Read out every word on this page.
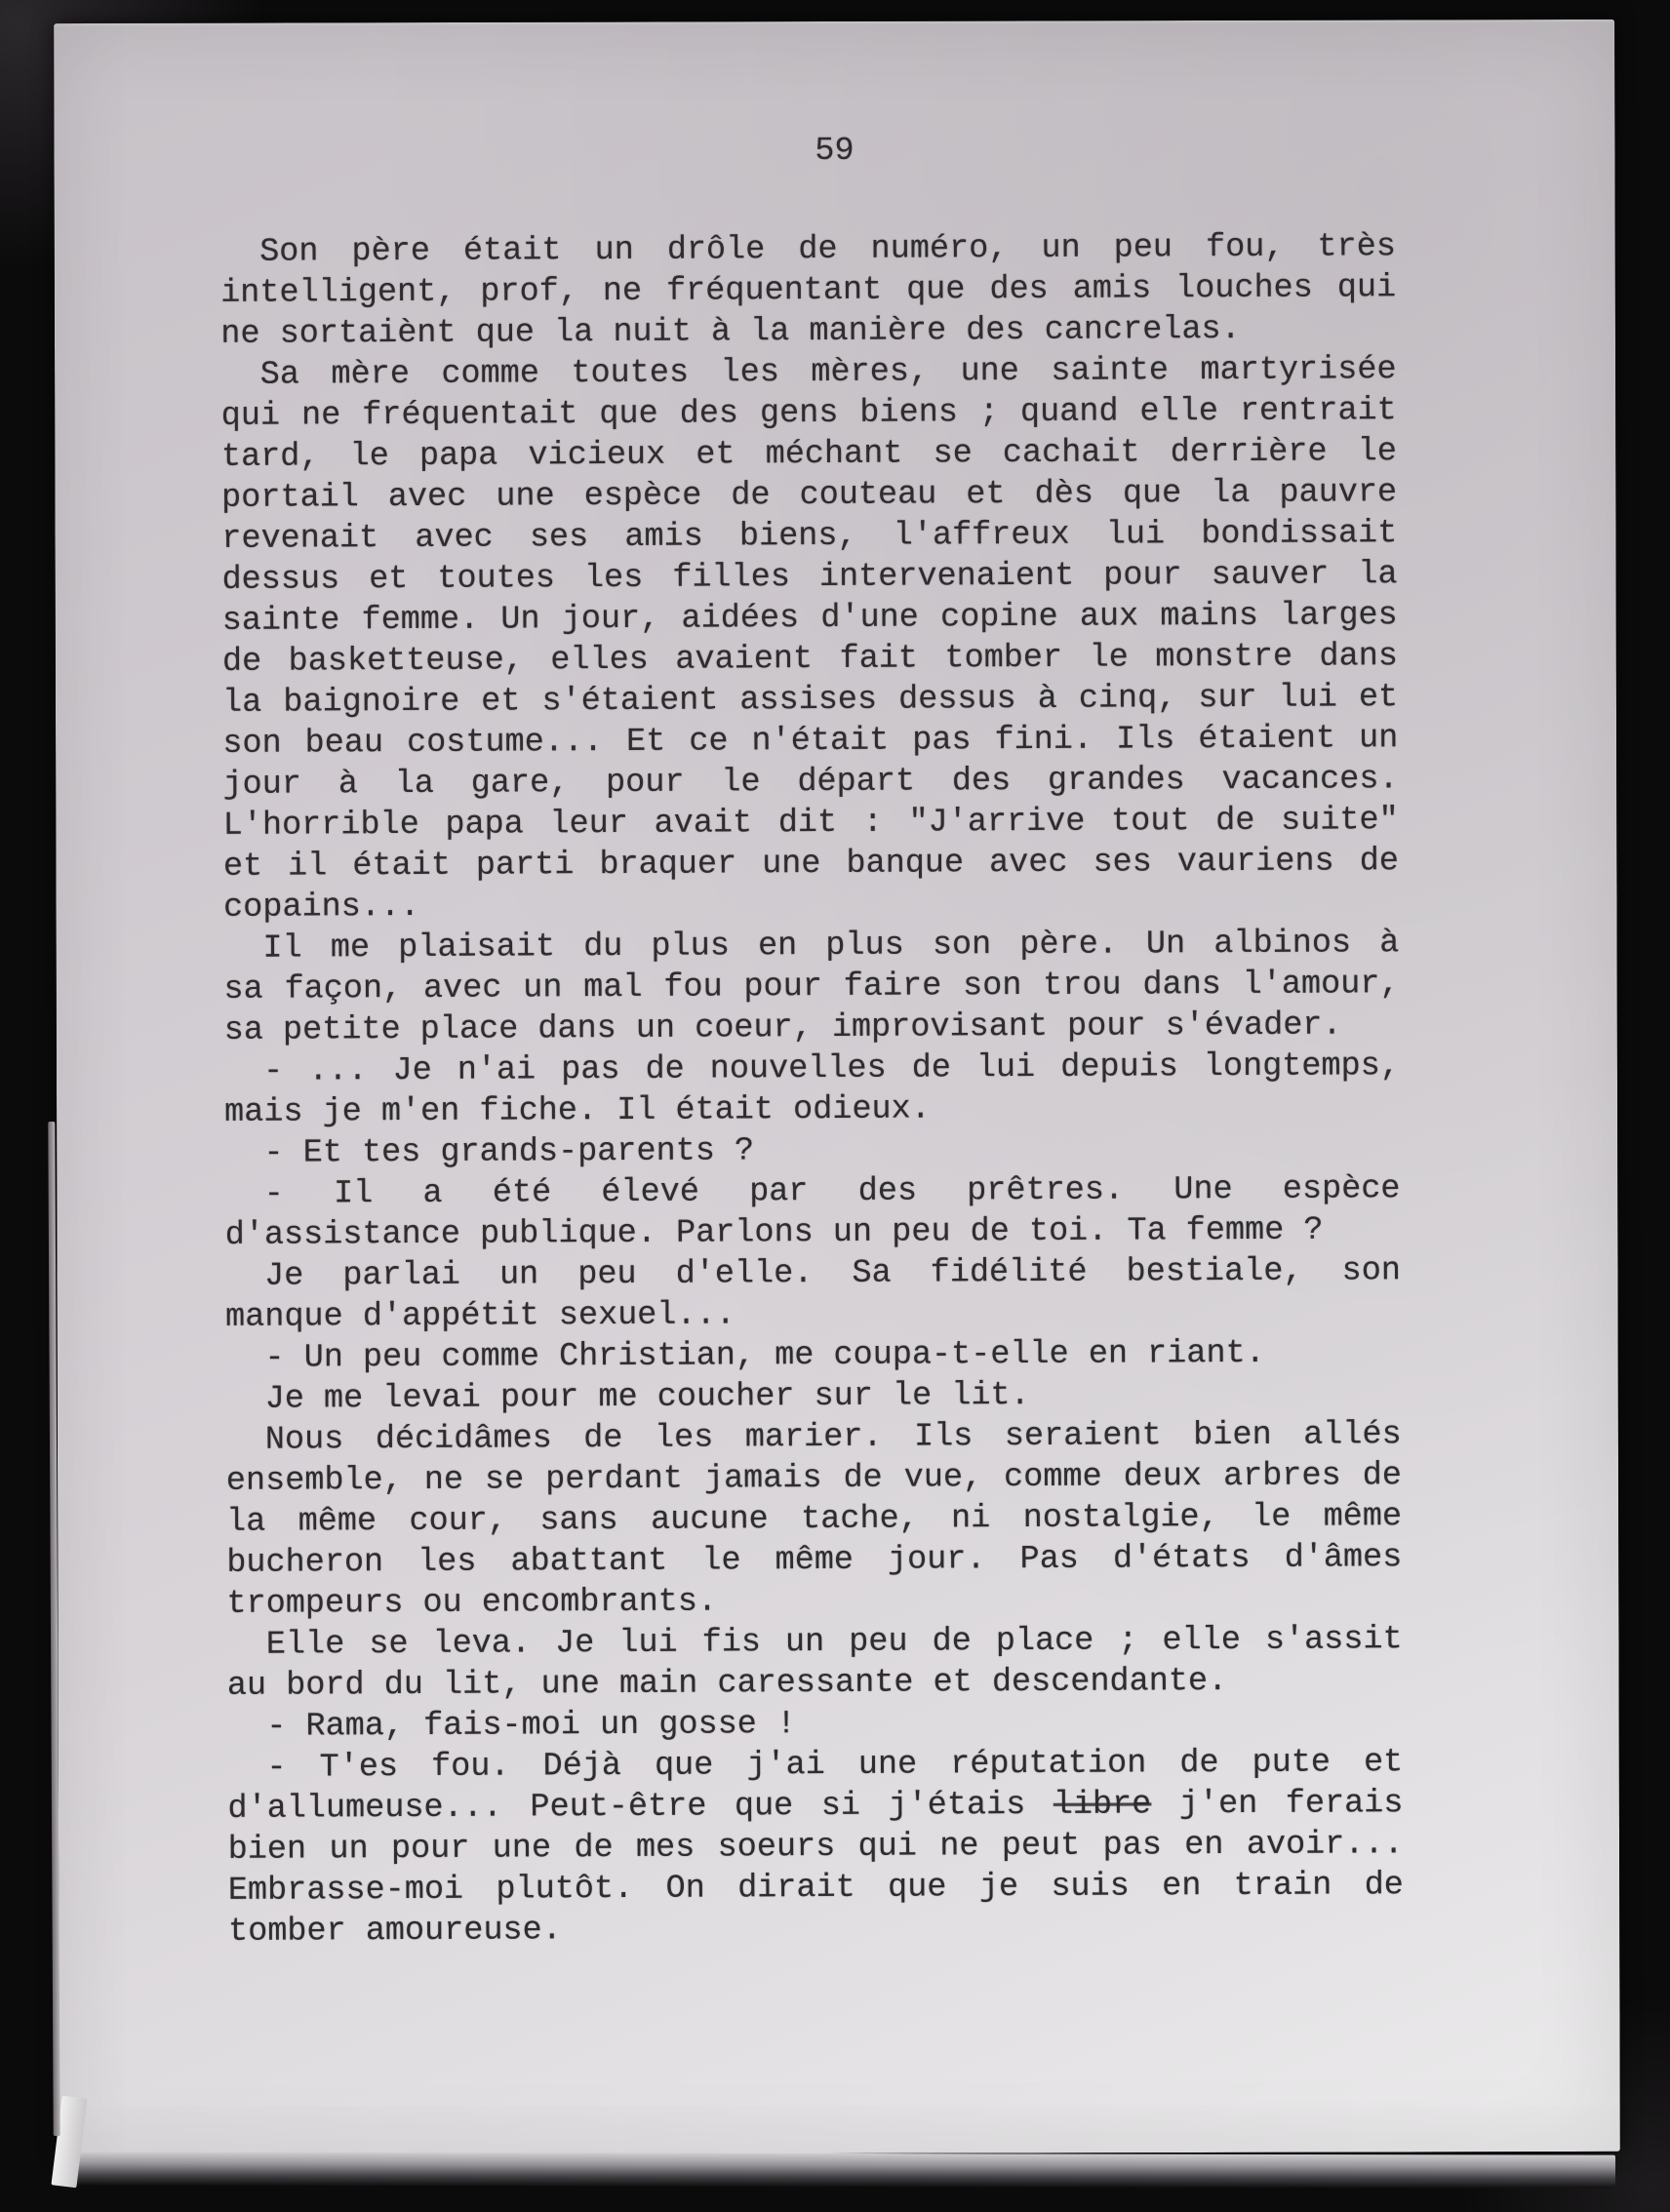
59
Son père était un drôle de numéro, un peu fou, très
intelligent, prof, ne fréquentant que des amis louches qui
ne sortaiènt que la nuit à la manière des cancrelas.
Sa mère comme toutes les mères, une sainte martyrisée
qui ne fréquentait que des gens biens ; quand elle rentrait
tard, le papa vicieux et méchant se cachait derrière le
portail avec une espèce de couteau et dès que la pauvre
revenait avec ses amis biens, l'affreux lui bondissait
dessus et toutes les filles intervenaient pour sauver la
sainte femme. Un jour, aidées d'une copine aux mains larges
de basketteuse, elles avaient fait tomber le monstre dans
la baignoire et s'étaient assises dessus à cinq, sur lui et
son beau costume... Et ce n'était pas fini. Ils étaient un
jour à la gare, pour le départ des grandes vacances.
L'horrible papa leur avait dit : "J'arrive tout de suite"
et il était parti braquer une banque avec ses vauriens de
copains...
Il me plaisait du plus en plus son père. Un albinos à
sa façon, avec un mal fou pour faire son trou dans l'amour,
sa petite place dans un coeur, improvisant pour s'évader.
- ... Je n'ai pas de nouvelles de lui depuis longtemps,
mais je m'en fiche. Il était odieux.
- Et tes grands-parents ?
- Il a été élevé par des prêtres. Une espèce
d'assistance publique. Parlons un peu de toi. Ta femme ?
Je parlai un peu d'elle. Sa fidélité bestiale, son
manque d'appétit sexuel...
- Un peu comme Christian, me coupa-t-elle en riant.
Je me levai pour me coucher sur le lit.
Nous décidâmes de les marier. Ils seraient bien allés
ensemble, ne se perdant jamais de vue, comme deux arbres de
la même cour, sans aucune tache, ni nostalgie, le même
bucheron les abattant le même jour. Pas d'états d'âmes
trompeurs ou encombrants.
Elle se leva. Je lui fis un peu de place ; elle s'assit
au bord du lit, une main caressante et descendante.
- Rama, fais-moi un gosse !
- T'es fou. Déjà que j'ai une réputation de pute et
d'allumeuse... Peut-être que si j'étais libre j'en ferais
bien un pour une de mes soeurs qui ne peut pas en avoir...
Embrasse-moi plutôt. On dirait que je suis en train de
tomber amoureuse.
